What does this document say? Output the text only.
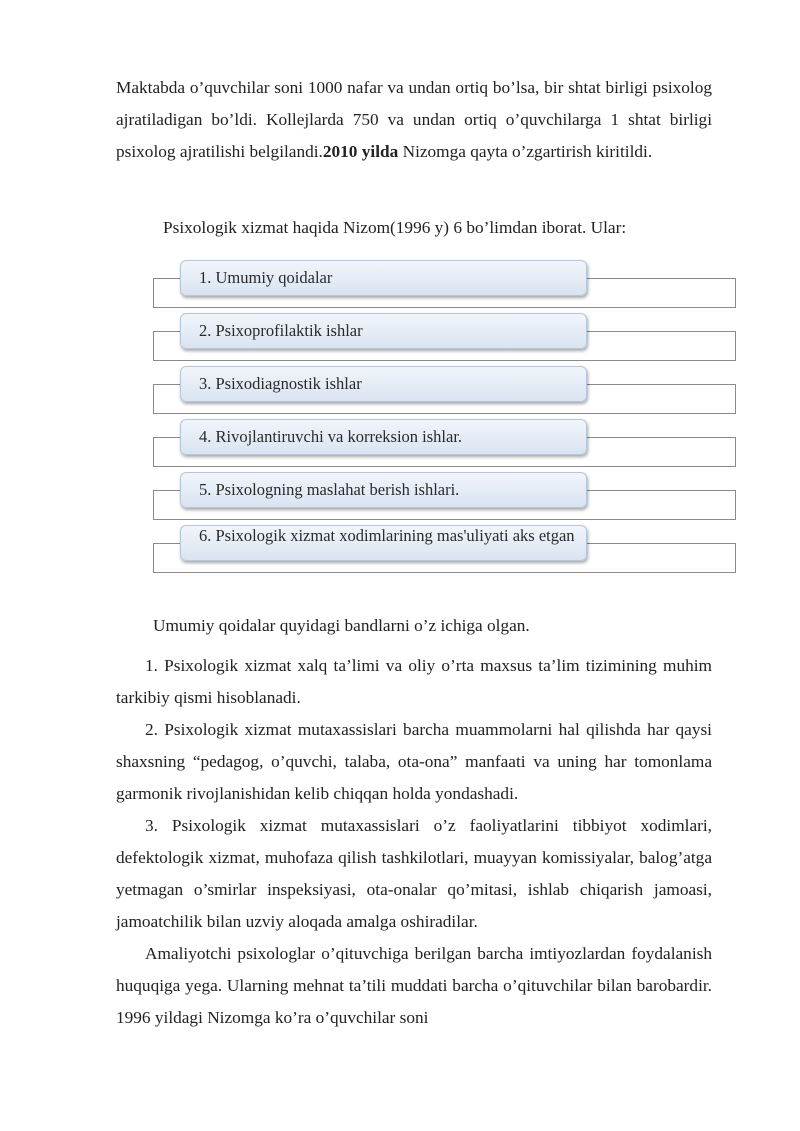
Maktabda o’quvchilar soni 1000 nafar va undan ortiq bo’lsa, bir shtat birligi psixolog ajratiladigan bo’ldi. Kollejlarda 750 va undan ortiq o’quvchilarga 1 shtat birligi psixolog ajratilishi belgilandi.2010 yilda Nizomga qayta o’zgartirish kiritildi.

Psixologik xizmat haqida Nizom(1996 y) 6 bo’limdan iborat. Ular:

1. Umumiy qoidalar
2. Psixoprofilaktik ishlar
3. Psixodiagnostik ishlar
4. Rivojlantiruvchi va korreksion ishlar.
5. Psixologning maslahat berish ishlari.
6. Psixologik xizmat xodimlarining mas'uliyati aks etgan

Umumiy qoidalar quyidagi bandlarni o’z ichiga olgan.

1. Psixologik xizmat xalq ta’limi va oliy o’rta maxsus ta’lim tizimining muhim tarkibiy qismi hisoblanadi.

2. Psixologik xizmat mutaxassislari barcha muammolarni hal qilishda har qaysi shaxsning “pedagog, o’quvchi, talaba, ota-ona” manfaati va uning har tomonlama garmonik rivojlanishidan kelib chiqqan holda yondashadi.

3. Psixologik xizmat mutaxassislari o’z faoliyatlarini tibbiyot xodimlari, defektologik xizmat, muhofaza qilish tashkilotlari, muayyan komissiyalar, balog’atga yetmagan o’smirlar inspeksiyasi, ota-onalar qo’mitasi, ishlab chiqarish jamoasi, jamoatchilik bilan uzviy aloqada amalga oshiradilar.

Amaliyotchi psixologlar o’qituvchiga berilgan barcha imtiyozlardan foydalanish huquqiga yega. Ularning mehnat ta’tili muddati barcha o’qituvchilar bilan barobardir. 1996 yildagi Nizomga ko’ra o’quvchilar soni
